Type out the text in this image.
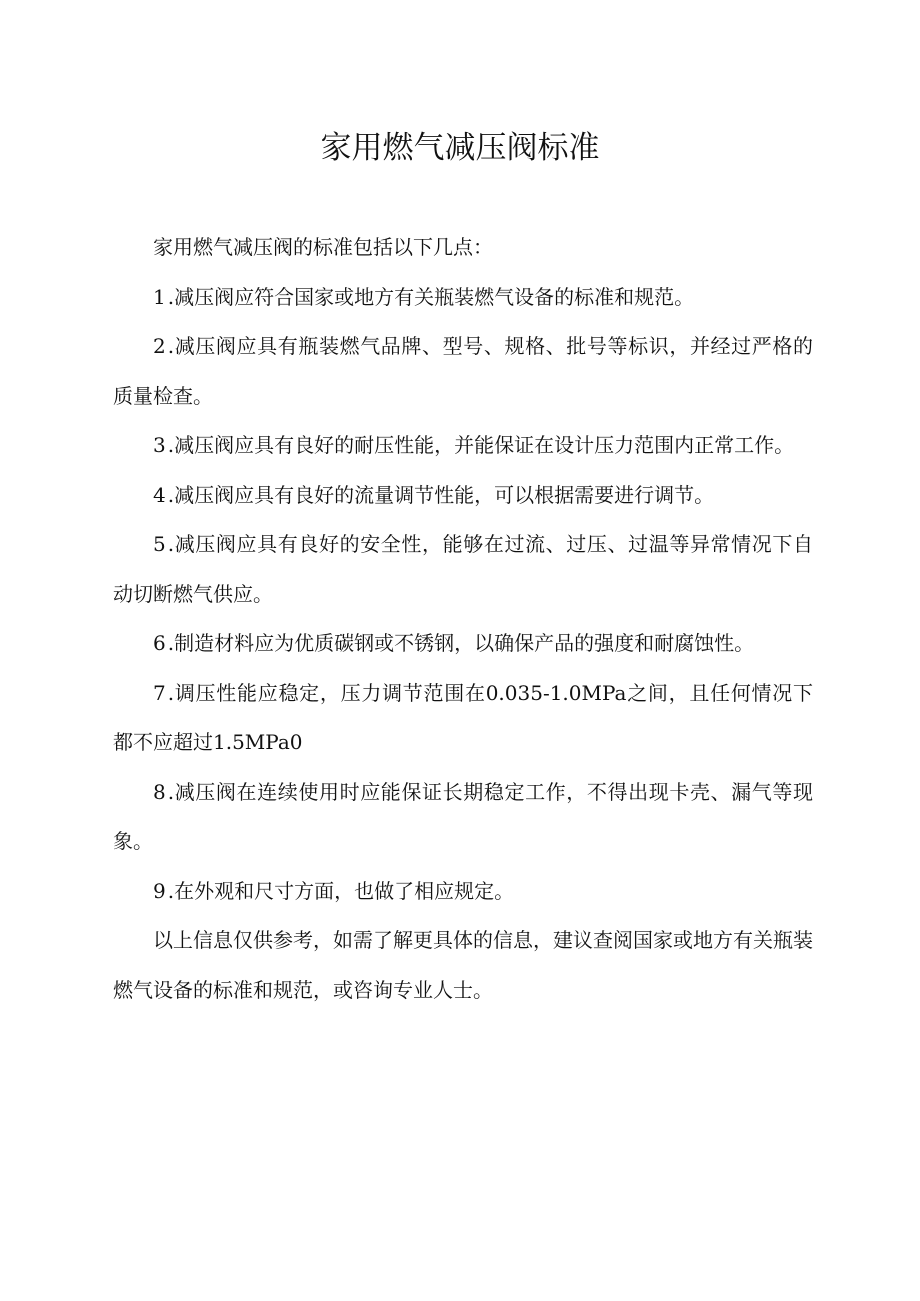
家用燃气减压阀标准

家用燃气减压阀的标准包括以下几点：

1 .减压阀应符合国家或地方有关瓶装燃气设备的标准和规范。

2 .减压阀应具有瓶装燃气品牌、型号、规格、批号等标识，并经过严格的质量检查。

3 .减压阀应具有良好的耐压性能，并能保证在设计压力范围内正常工作。

4 .减压阀应具有良好的流量调节性能，可以根据需要进行调节。

5 .减压阀应具有良好的安全性，能够在过流、过压、过温等异常情况下自动切断燃气供应。

6 .制造材料应为优质碳钢或不锈钢，以确保产品的强度和耐腐蚀性。

7 .调压性能应稳定，压力调节范围在0.035-1.0MPa之间，且任何情况下都不应超过1.5MPa0

8 .减压阀在连续使用时应能保证长期稳定工作，不得出现卡壳、漏气等现象。

9 .在外观和尺寸方面，也做了相应规定。

以上信息仅供参考，如需了解更具体的信息，建议查阅国家或地方有关瓶装燃气设备的标准和规范，或咨询专业人士。
